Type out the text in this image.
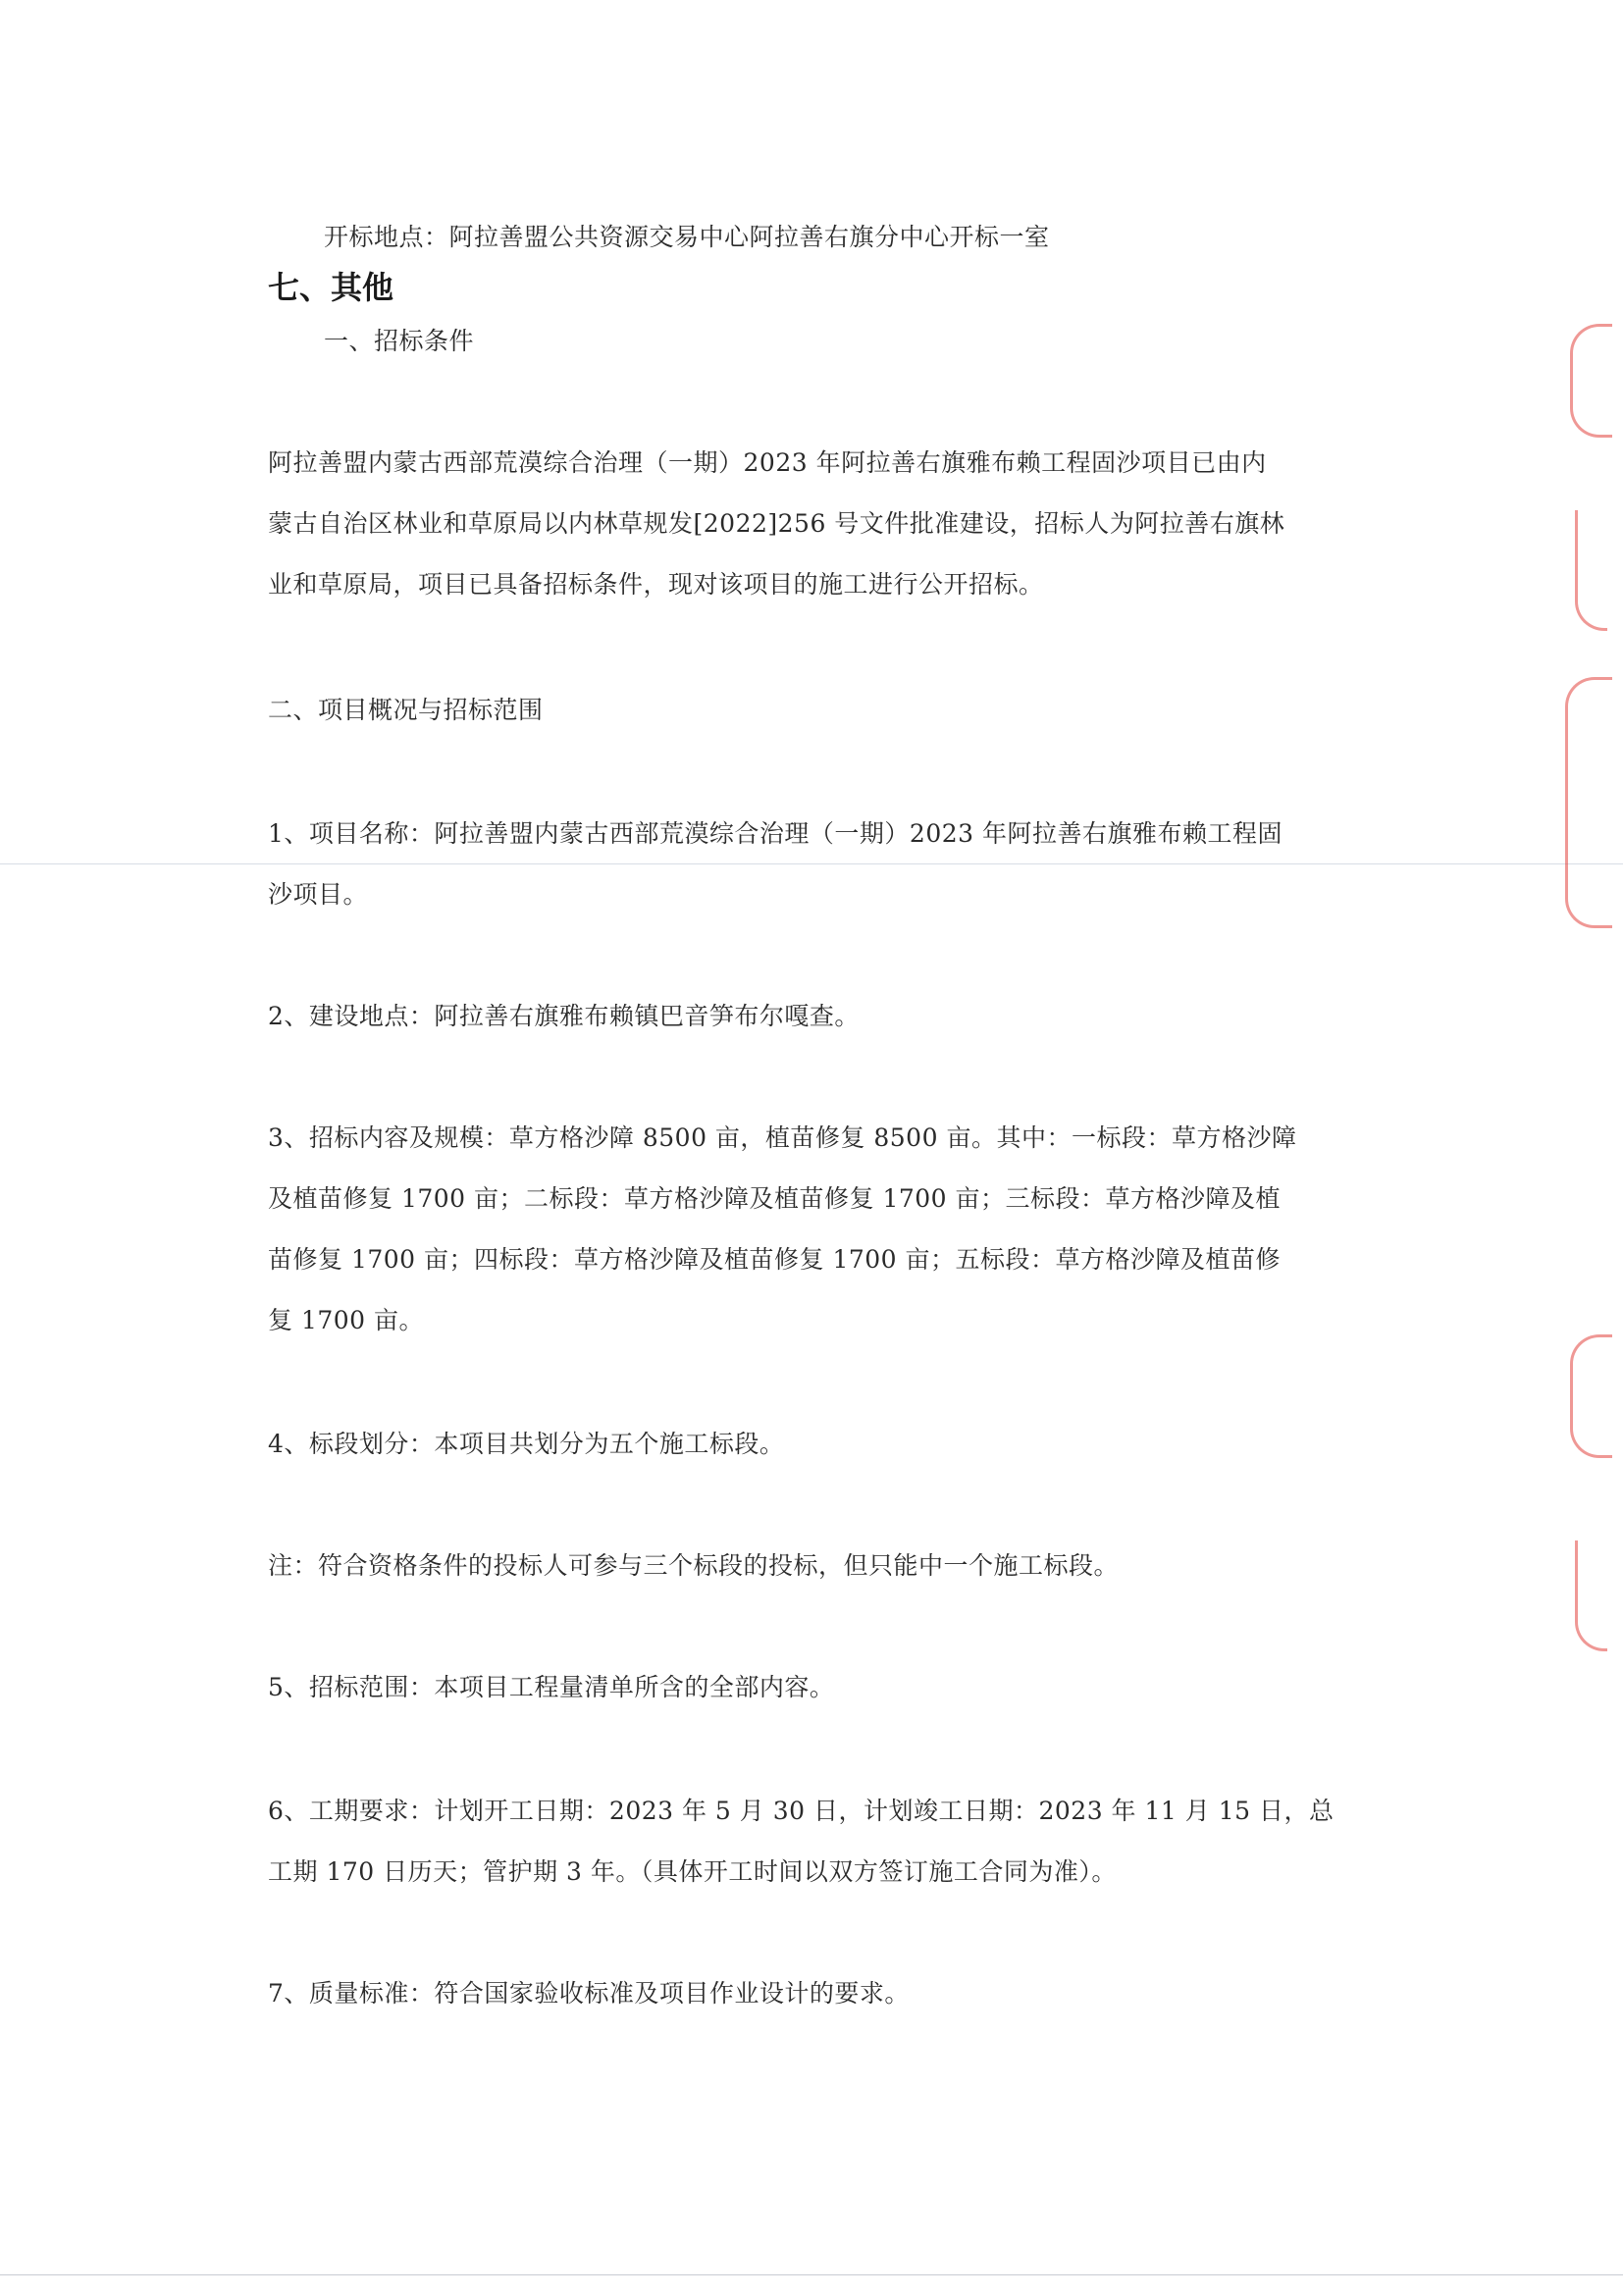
开标地点：阿拉善盟公共资源交易中心阿拉善右旗分中心开标一室
七、其他
一、招标条件
阿拉善盟内蒙古西部荒漠综合治理（一期）2023 年阿拉善右旗雅布赖工程固沙项目已由内
蒙古自治区林业和草原局以内林草规发[2022]256 号文件批准建设，招标人为阿拉善右旗林
业和草原局，项目已具备招标条件，现对该项目的施工进行公开招标。
二、项目概况与招标范围
1、项目名称：阿拉善盟内蒙古西部荒漠综合治理（一期）2023 年阿拉善右旗雅布赖工程固
沙项目。
2、建设地点：阿拉善右旗雅布赖镇巴音笋布尔嘎查。
3、招标内容及规模：草方格沙障 8500 亩，植苗修复 8500 亩。其中：一标段：草方格沙障
及植苗修复 1700 亩；二标段：草方格沙障及植苗修复 1700 亩；三标段：草方格沙障及植
苗修复 1700 亩；四标段：草方格沙障及植苗修复 1700 亩；五标段：草方格沙障及植苗修
复 1700 亩。
4、标段划分：本项目共划分为五个施工标段。
注：符合资格条件的投标人可参与三个标段的投标，但只能中一个施工标段。
5、招标范围：本项目工程量清单所含的全部内容。
6、工期要求：计划开工日期：2023 年 5 月 30 日，计划竣工日期：2023 年 11 月 15 日，总
工期 170 日历天；管护期 3 年。（具体开工时间以双方签订施工合同为准）。
7、质量标准：符合国家验收标准及项目作业设计的要求。
